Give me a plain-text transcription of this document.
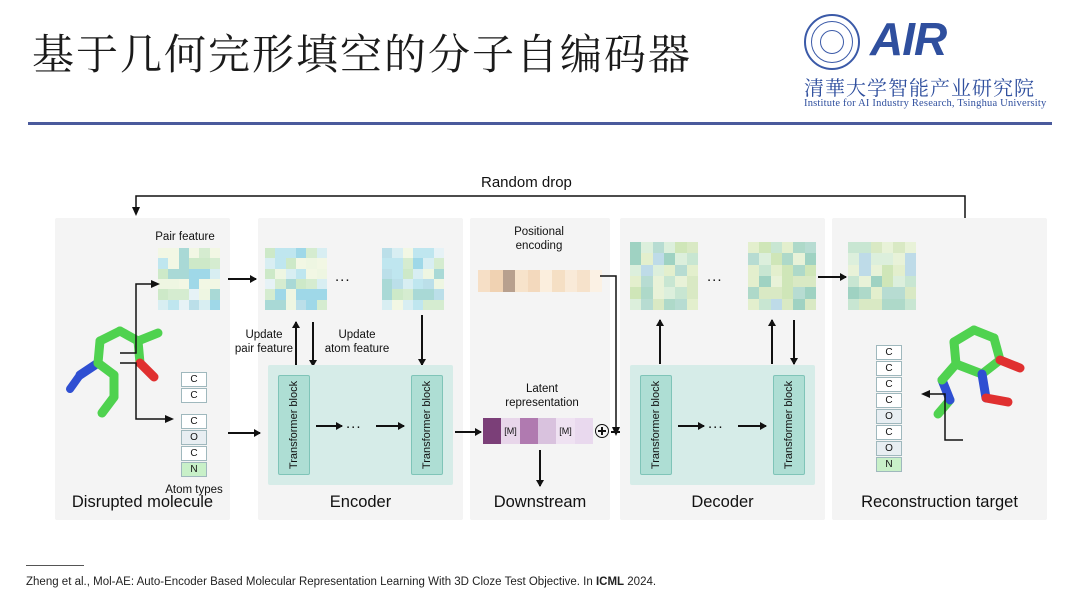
基于几何完形填空的分子自编码器	AIR
清華大学智能产业研究院
Institute for AI Industry Research, Tsinghua University
Random drop
Disrupted molecule
Pair feature
C
C
C
O
C
N
Atom types
Encoder
...
Update
pair feature
Update
atom feature
Transformer block	Transformer block
...
Downstream
Positional
encoding
Latent
representation
[M]	[M]
Decoder
...
Transformer block	Transformer block
...
Reconstruction target
C
C
C
C
O
C
O
N
Zheng et al., Mol-AE: Auto-Encoder Based Molecular Representation Learning With 3D Cloze Test Objective. In ICML 2024.
